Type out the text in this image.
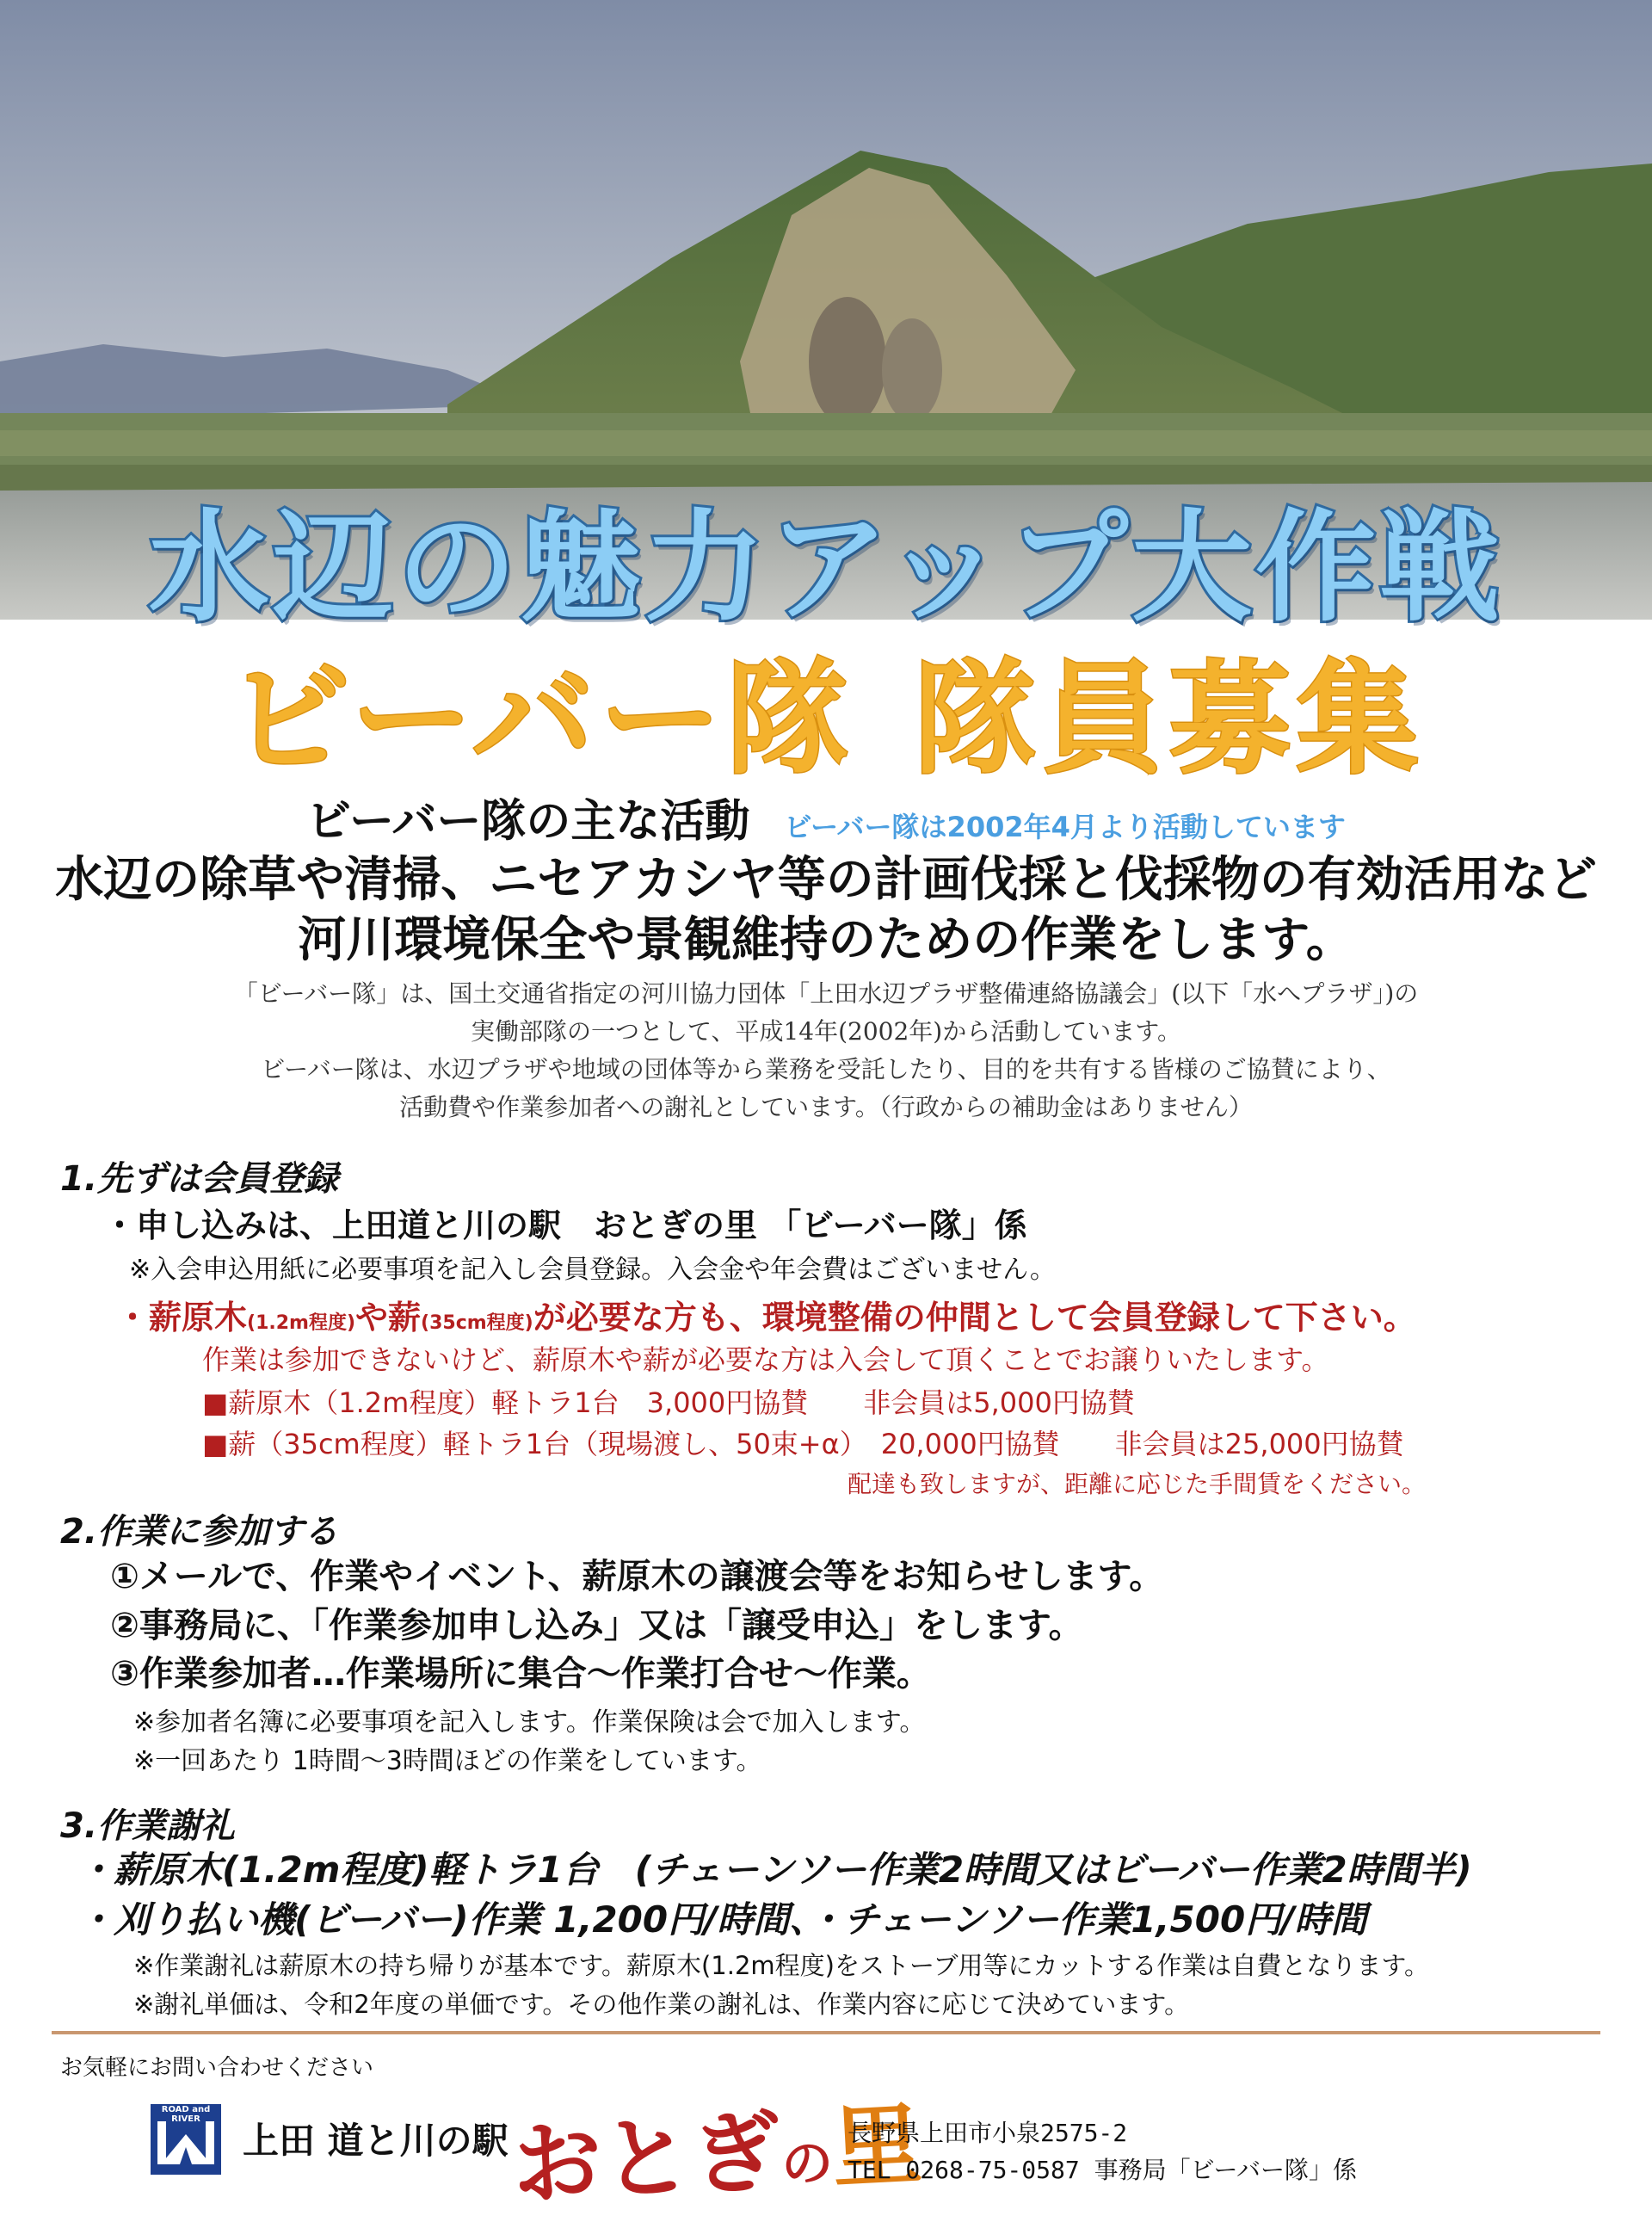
水辺の魅力アップ大作戦
ビーバー隊 隊員募集
ビーバー隊の主な活動 ビーバー隊は2002年4月より活動しています
水辺の除草や清掃、ニセアカシヤ等の計画伐採と伐採物の有効活用など
河川環境保全や景観維持のための作業をします。
「ビーバー隊」は、国土交通省指定の河川協力団体「上田水辺プラザ整備連絡協議会」(以下「水へプラザ」)の
実働部隊の一つとして、平成14年(2002年)から活動しています。
ビーバー隊は、水辺プラザや地域の団体等から業務を受託したり、目的を共有する皆様のご協賛により、
活動費や作業参加者への謝礼としています。（行政からの補助金はありません）
1.先ずは会員登録
・申し込みは、上田道と川の駅　おとぎの里 「ビーバー隊」係
※入会申込用紙に必要事項を記入し会員登録。入会金や年会費はございません。
・薪原木(1.2m程度)や薪(35cm程度)が必要な方も、環境整備の仲間として会員登録して下さい。
作業は参加できないけど、薪原木や薪が必要な方は入会して頂くことでお譲りいたします。
■薪原木（1.2m程度）軽トラ1台　3,000円協賛　　非会員は5,000円協賛
■薪（35cm程度）軽トラ1台（現場渡し、50束+α）　20,000円協賛　　非会員は25,000円協賛
配達も致しますが、距離に応じた手間賃をください。
2.作業に参加する
①メールで、作業やイベント、薪原木の譲渡会等をお知らせします。
②事務局に、「作業参加申し込み」又は「譲受申込」をします。
③作業参加者…作業場所に集合～作業打合せ～作業。
※参加者名簿に必要事項を記入します。作業保険は会で加入します。
※一回あたり 1時間～3時間ほどの作業をしています。
3.作業謝礼
・薪原木(1.2m程度)軽トラ1台　(チェーンソー作業2時間又はビーバー作業2時間半)
・刈り払い機(ビーバー)作業 1,200円/時間、・チェーンソー作業1,500円/時間
※作業謝礼は薪原木の持ち帰りが基本です。薪原木(1.2m程度)をストーブ用等にカットする作業は自費となります。
※謝礼単価は、令和2年度の単価です。その他作業の謝礼は、作業内容に応じて決めています。
お気軽にお問い合わせください
ROAD and RIVER
上田 道と川の駅 おとぎの里
長野県上田市小泉2575-2
TEL 0268-75-0587 事務局「ビーバー隊」係
